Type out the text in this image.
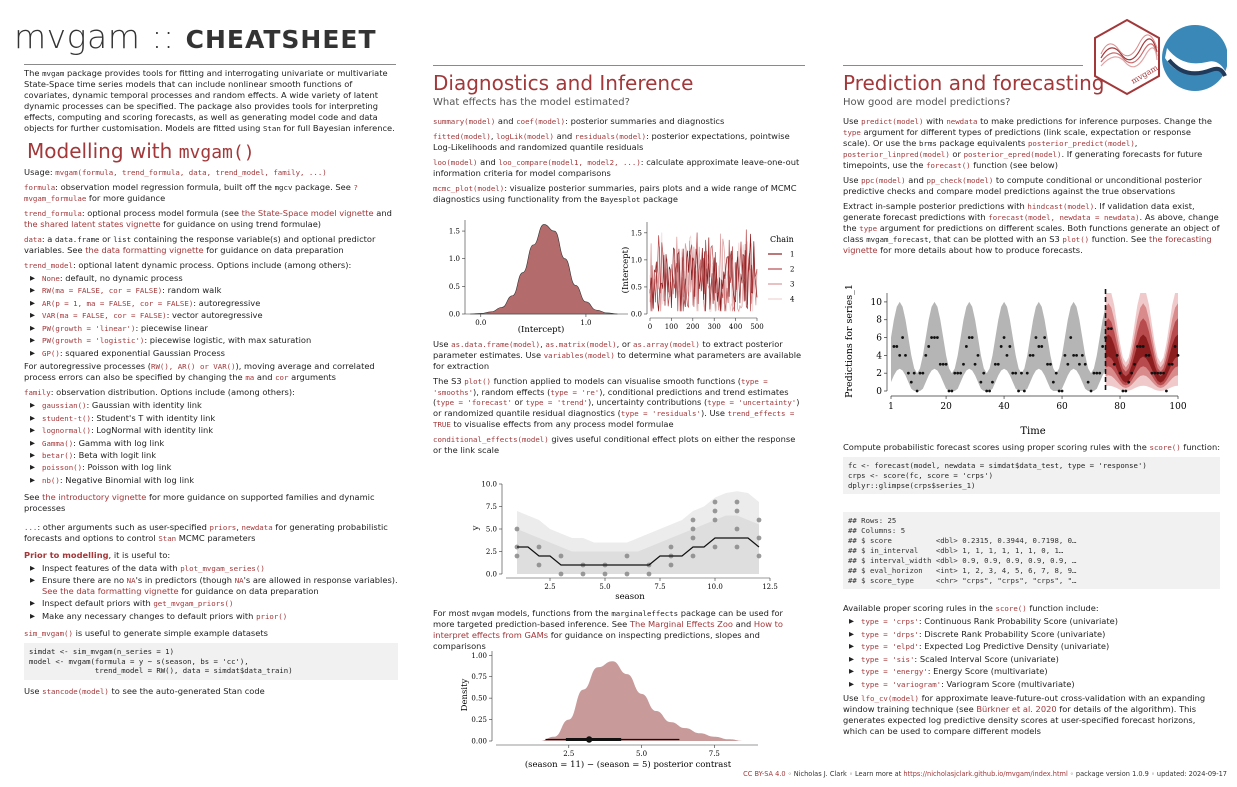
mvgam :: CHEATSHEET
mvgam
The mvgam package provides tools for fitting and interrogating univariate or multivariate State-Space time series models that can include nonlinear smooth functions of covariates, dynamic temporal processes and random effects. A wide variety of latent dynamic processes can be specified. The package also provides tools for interpreting effects, computing and scoring forecasts, as well as generating model code and data objects for further customisation. Models are fitted using Stan for full Bayesian inference.
Modelling with mvgam()
Usage: mvgam(formula, trend_formula, data, trend_model, family, ...)
formula: observation model regression formula, built off the mgcv package. See ?mvgam_formulae for more guidance
trend_formula: optional process model formula (see the State-Space model vignette and the shared latent states vignette for guidance on using trend formulae)
data: a data.frame or list containing the response variable(s) and optional predictor variables. See the data formatting vignette for guidance on data preparation
trend_model: optional latent dynamic process. Options include (among others):
▶ None: default, no dynamic process
▶ RW(ma = FALSE, cor = FALSE): random walk
▶ AR(p = 1, ma = FALSE, cor = FALSE): autoregressive
▶ VAR(ma = FALSE, cor = FALSE): vector autoregressive
▶ PW(growth = 'linear'): piecewise linear
▶ PW(growth = 'logistic'): piecewise logistic, with max saturation
▶ GP(): squared exponential Gaussian Process
For autoregressive processes (RW(), AR() or VAR()), moving average and correlated process errors can also be specified by changing the ma and cor arguments
family: observation distribution. Options include (among others):
▶ gaussian(): Gaussian with identity link
▶ student-t(): Student's T with identity link
▶ lognormal(): LogNormal with identity link
▶ Gamma(): Gamma with log link
▶ betar(): Beta with logit link
▶ poisson(): Poisson with log link
▶ nb(): Negative Binomial with log link
See the introductory vignette for more guidance on supported families and dynamic processes
...: other arguments such as user-specified priors, newdata for generating probabilistic forecasts and options to control Stan MCMC parameters
Prior to modelling, it is useful to:
▶ Inspect features of the data with plot_mvgam_series()
▶ Ensure there are no NA's in predictors (though NA's are allowed in response variables). See the data formatting vignette for guidance on data preparation
▶ Inspect default priors with get_mvgam_priors()
▶ Make any necessary changes to default priors with prior()
sim_mvgam() is useful to generate simple example datasets
simdat <- sim_mvgam(n_series = 1)
model <- mvgam(formula = y ~ s(season, bs = 'cc'),
trend_model = RW(), data = simdat$data_train)
Use stancode(model) to see the auto-generated Stan code
Diagnostics and Inference
What effects has the model estimated?
summary(model) and coef(model): posterior summaries and diagnostics
fitted(model), logLik(model) and residuals(model): posterior expectations, pointwise Log-Likelihoods and randomized quantile residuals
loo(model) and loo_compare(model1, model2, ...): calculate approximate leave-one-out information criteria for model comparisons
mcmc_plot(model): visualize posterior summaries, pairs plots and a wide range of MCMC diagnostics using functionality from the Bayesplot package
Use as.data.frame(model), as.matrix(model), or as.array(model) to extract posterior parameter estimates. Use variables(model) to determine what parameters are available for extraction
The S3 plot() function applied to models can visualise smooth functions (type = 'smooths'), random effects (type = 're'), conditional predictions and trend estimates (type = 'forecast' or type = 'trend'), uncertainty contributions (type = 'uncertainty') or randomized quantile residual diagnostics (type = 'residuals'). Use trend_effects = TRUE to visualise effects from any process model formulae
conditional_effects(model) gives useful conditional effect plots on either the response or the link scale
For most mvgam models, functions from the marginaleffects package can be used for more targeted prediction-based inference. See The Marginal Effects Zoo and How to interpret effects from GAMs for guidance on inspecting predictions, slopes and comparisons
0.0
0.5
1.0
1.5
0.0	1.0
(Intercept)
0.0
0.5
1.0
1.5
0 100 200 300 400 500
(Intercept)
Chain
1
2
3
4
0.0
2.5
5.0
7.5
10.0
2.5	5.0	7.5	10.0	12.5
season
y
0.00
0.25
0.50
0.75
1.00
2.5	5.0	7.5
(season = 11) − (season = 5) posterior contrast
Density
Prediction and forecasting
How good are model predictions?
Use predict(model) with newdata to make predictions for inference purposes. Change the type argument for different types of predictions (link scale, expectation or response scale). Or use the brms package equivalents posterior_predict(model), posterior_linpred(model) or posterior_epred(model). If generating forecasts for future timepoints, use the forecast() function (see below)
Use ppc(model) and pp_check(model) to compute conditional or unconditional posterior predictive checks and compare model predictions against the true observations
Extract in-sample posterior predictions with hindcast(model). If validation data exist, generate forecast predictions with forecast(model, newdata = newdata). As above, change the type argument for predictions on different scales. Both functions generate an object of class mvgam_forecast, that can be plotted with an S3 plot() function. See the forecasting vignette for more details about how to produce forecasts.
0
2
4
6
8
10
1	20	40	60	80	100
Time
Predictions for series_1
Compute probabilistic forecast scores using proper scoring rules with the score() function:
fc <- forecast(model, newdata = simdat$data_test, type = 'response')
crps <- score(fc, score = 'crps')
dplyr::glimpse(crps$series_1)
## Rows: 25
## Columns: 5
## $ score          <dbl> 0.2315, 0.3944, 0.7198, 0…
## $ in_interval    <dbl> 1, 1, 1, 1, 1, 1, 0, 1…
## $ interval_width <dbl> 0.9, 0.9, 0.9, 0.9, 0.9, …
## $ eval_horizon   <int> 1, 2, 3, 4, 5, 6, 7, 8, 9…
## $ score_type     <chr> "crps", "crps", "crps", "…
Available proper scoring rules in the score() function include:
▶ type = 'crps': Continuous Rank Probability Score (univariate)
▶ type = 'drps': Discrete Rank Probability Score (univariate)
▶ type = 'elpd': Expected Log Predictive Density (univariate)
▶ type = 'sis': Scaled Interval Score (univariate)
▶ type = 'energy': Energy Score (multivariate)
▶ type = 'variogram': Variogram Score (multivariate)
Use lfo_cv(model) for approximate leave-future-out cross-validation with an expanding window training technique (see Bürkner et al. 2020 for details of the algorithm). This generates expected log predictive density scores at user-specified forecast horizons, which can be used to compare different models
CC BY-SA 4.0 ◦ Nicholas J. Clark ◦ Learn more at https://nicholasjclark.github.io/mvgam/index.html ◦ package version 1.0.9 ◦ updated: 2024-09-17
